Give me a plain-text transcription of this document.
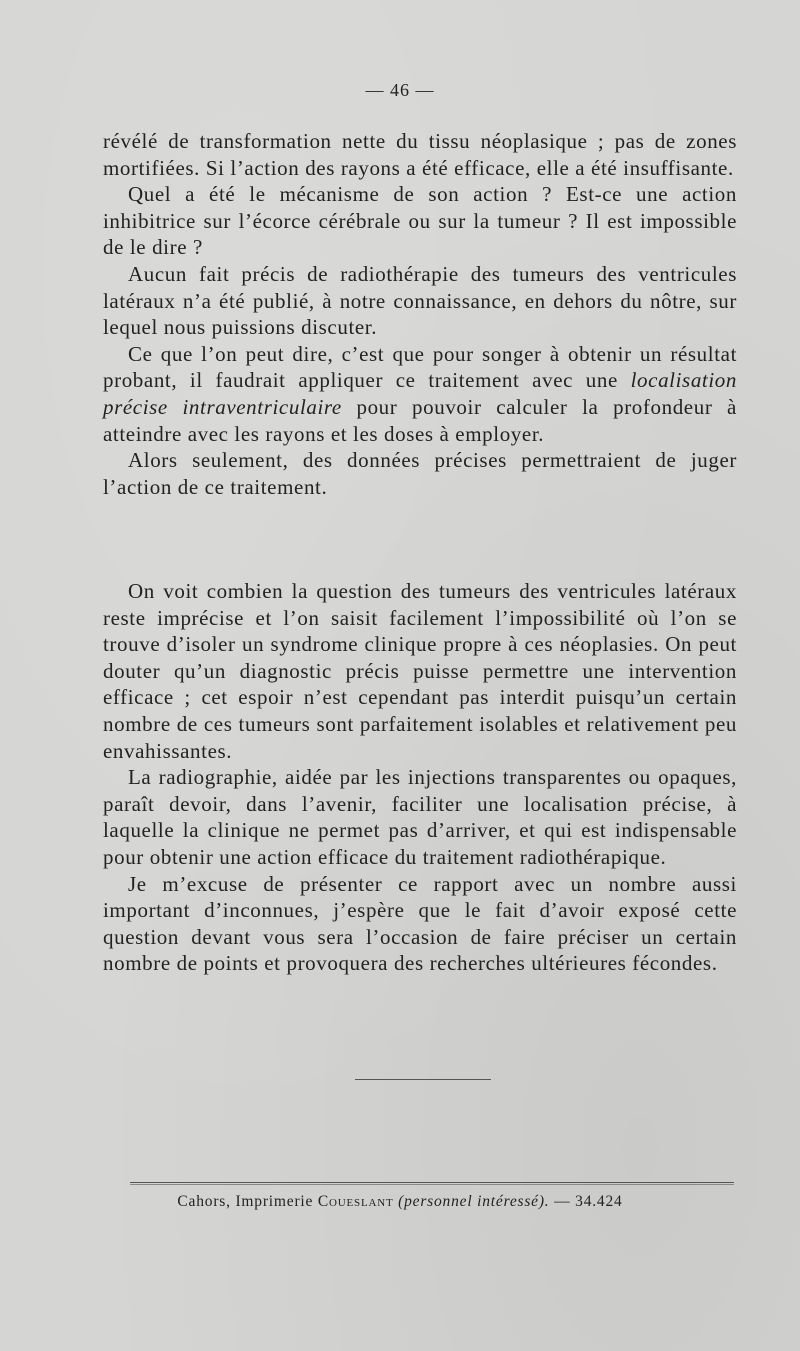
— 46 —

révélé de transformation nette du tissu néoplasique ; pas de zones mortifiées. Si l’action des rayons a été efficace, elle a été insuffisante.

Quel a été le mécanisme de son action ? Est-ce une action inhibitrice sur l’écorce cérébrale ou sur la tumeur ? Il est impossible de le dire ?

Aucun fait précis de radiothérapie des tumeurs des ventricules latéraux n’a été publié, à notre connaissance, en dehors du nôtre, sur lequel nous puissions discuter.

Ce que l’on peut dire, c’est que pour songer à obtenir un résultat probant, il faudrait appliquer ce traitement avec une localisation précise intraventriculaire pour pouvoir calculer la profondeur à atteindre avec les rayons et les doses à employer.

Alors seulement, des données précises permettraient de juger l’action de ce traitement.

On voit combien la question des tumeurs des ventricules latéraux reste imprécise et l’on saisit facilement l’impossibilité où l’on se trouve d’isoler un syndrome clinique propre à ces néoplasies. On peut douter qu’un diagnostic précis puisse permettre une intervention efficace ; cet espoir n’est cependant pas interdit puisqu’un certain nombre de ces tumeurs sont parfaitement isolables et relativement peu envahissantes.

La radiographie, aidée par les injections transparentes ou opaques, paraît devoir, dans l’avenir, faciliter une localisation précise, à laquelle la clinique ne permet pas d’arriver, et qui est indispensable pour obtenir une action efficace du traitement radiothérapique.

Je m’excuse de présenter ce rapport avec un nombre aussi important d’inconnues, j’espère que le fait d’avoir exposé cette question devant vous sera l’occasion de faire préciser un certain nombre de points et provoquera des recherches ultérieures fécondes.

Cahors, Imprimerie Coueslant (personnel intéressé). — 34.424
